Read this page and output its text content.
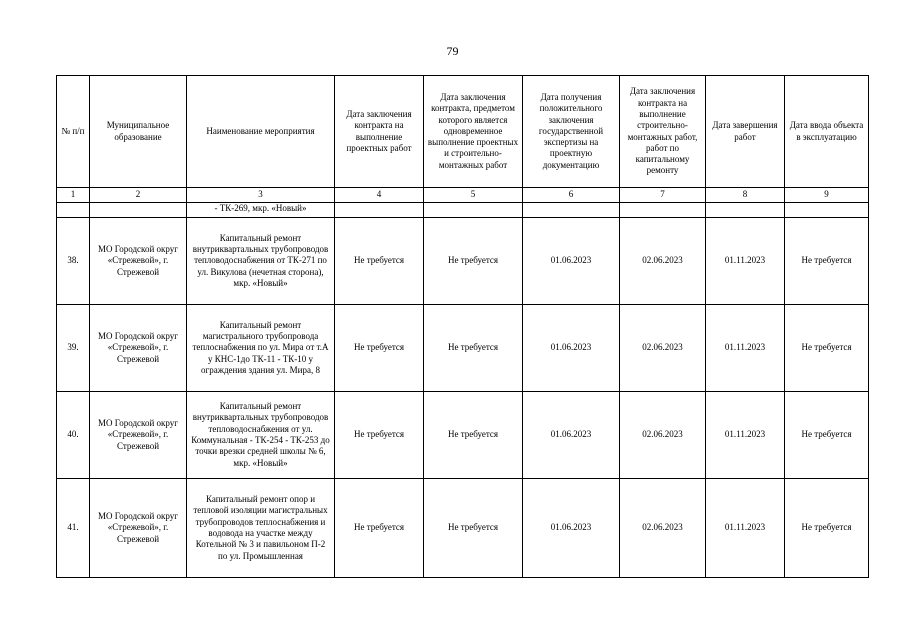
79
№ п/п	Муниципальное образование	Наименование мероприятия	Дата заключения контракта на выполнение проектных работ	Дата заключения контракта, предметом которого является одновременное выполнение проектных и строительно-монтажных работ	Дата получения положительного заключения государственной экспертизы на проектную документацию	Дата заключения контракта на выполнение строительно-монтажных работ, работ по капитальному ремонту	Дата завершения работ	Дата ввода объекта в эксплуатацию
1	2	3	4	5	6	7	8	9
		- ТК-269, мкр. «Новый»						
38.	МО Городской округ «Стрежевой», г. Стрежевой	Капитальный ремонт внутриквартальных трубопроводов тепловодоснабжения от ТК-271 по ул. Викулова (нечетная сторона), мкр. «Новый»	Не требуется	Не требуется	01.06.2023	02.06.2023	01.11.2023	Не требуется
39.	МО Городской округ «Стрежевой», г. Стрежевой	Капитальный ремонт магистрального трубопровода теплоснабжения по ул. Мира от т.А у КНС-1до ТК-11 - ТК-10 у ограждения здания ул. Мира, 8	Не требуется	Не требуется	01.06.2023	02.06.2023	01.11.2023	Не требуется
40.	МО Городской округ «Стрежевой», г. Стрежевой	Капитальный ремонт внутриквартальных трубопроводов тепловодоснабжения от ул. Коммунальная - ТК-254 - ТК-253 до точки врезки средней школы № 6, мкр. «Новый»	Не требуется	Не требуется	01.06.2023	02.06.2023	01.11.2023	Не требуется
41.	МО Городской округ «Стрежевой», г. Стрежевой	Капитальный ремонт опор и тепловой изоляции магистральных трубопроводов теплоснабжения и водовода на участке между Котельной № 3 и павильоном П-2 по ул. Промышленная	Не требуется	Не требуется	01.06.2023	02.06.2023	01.11.2023	Не требуется
